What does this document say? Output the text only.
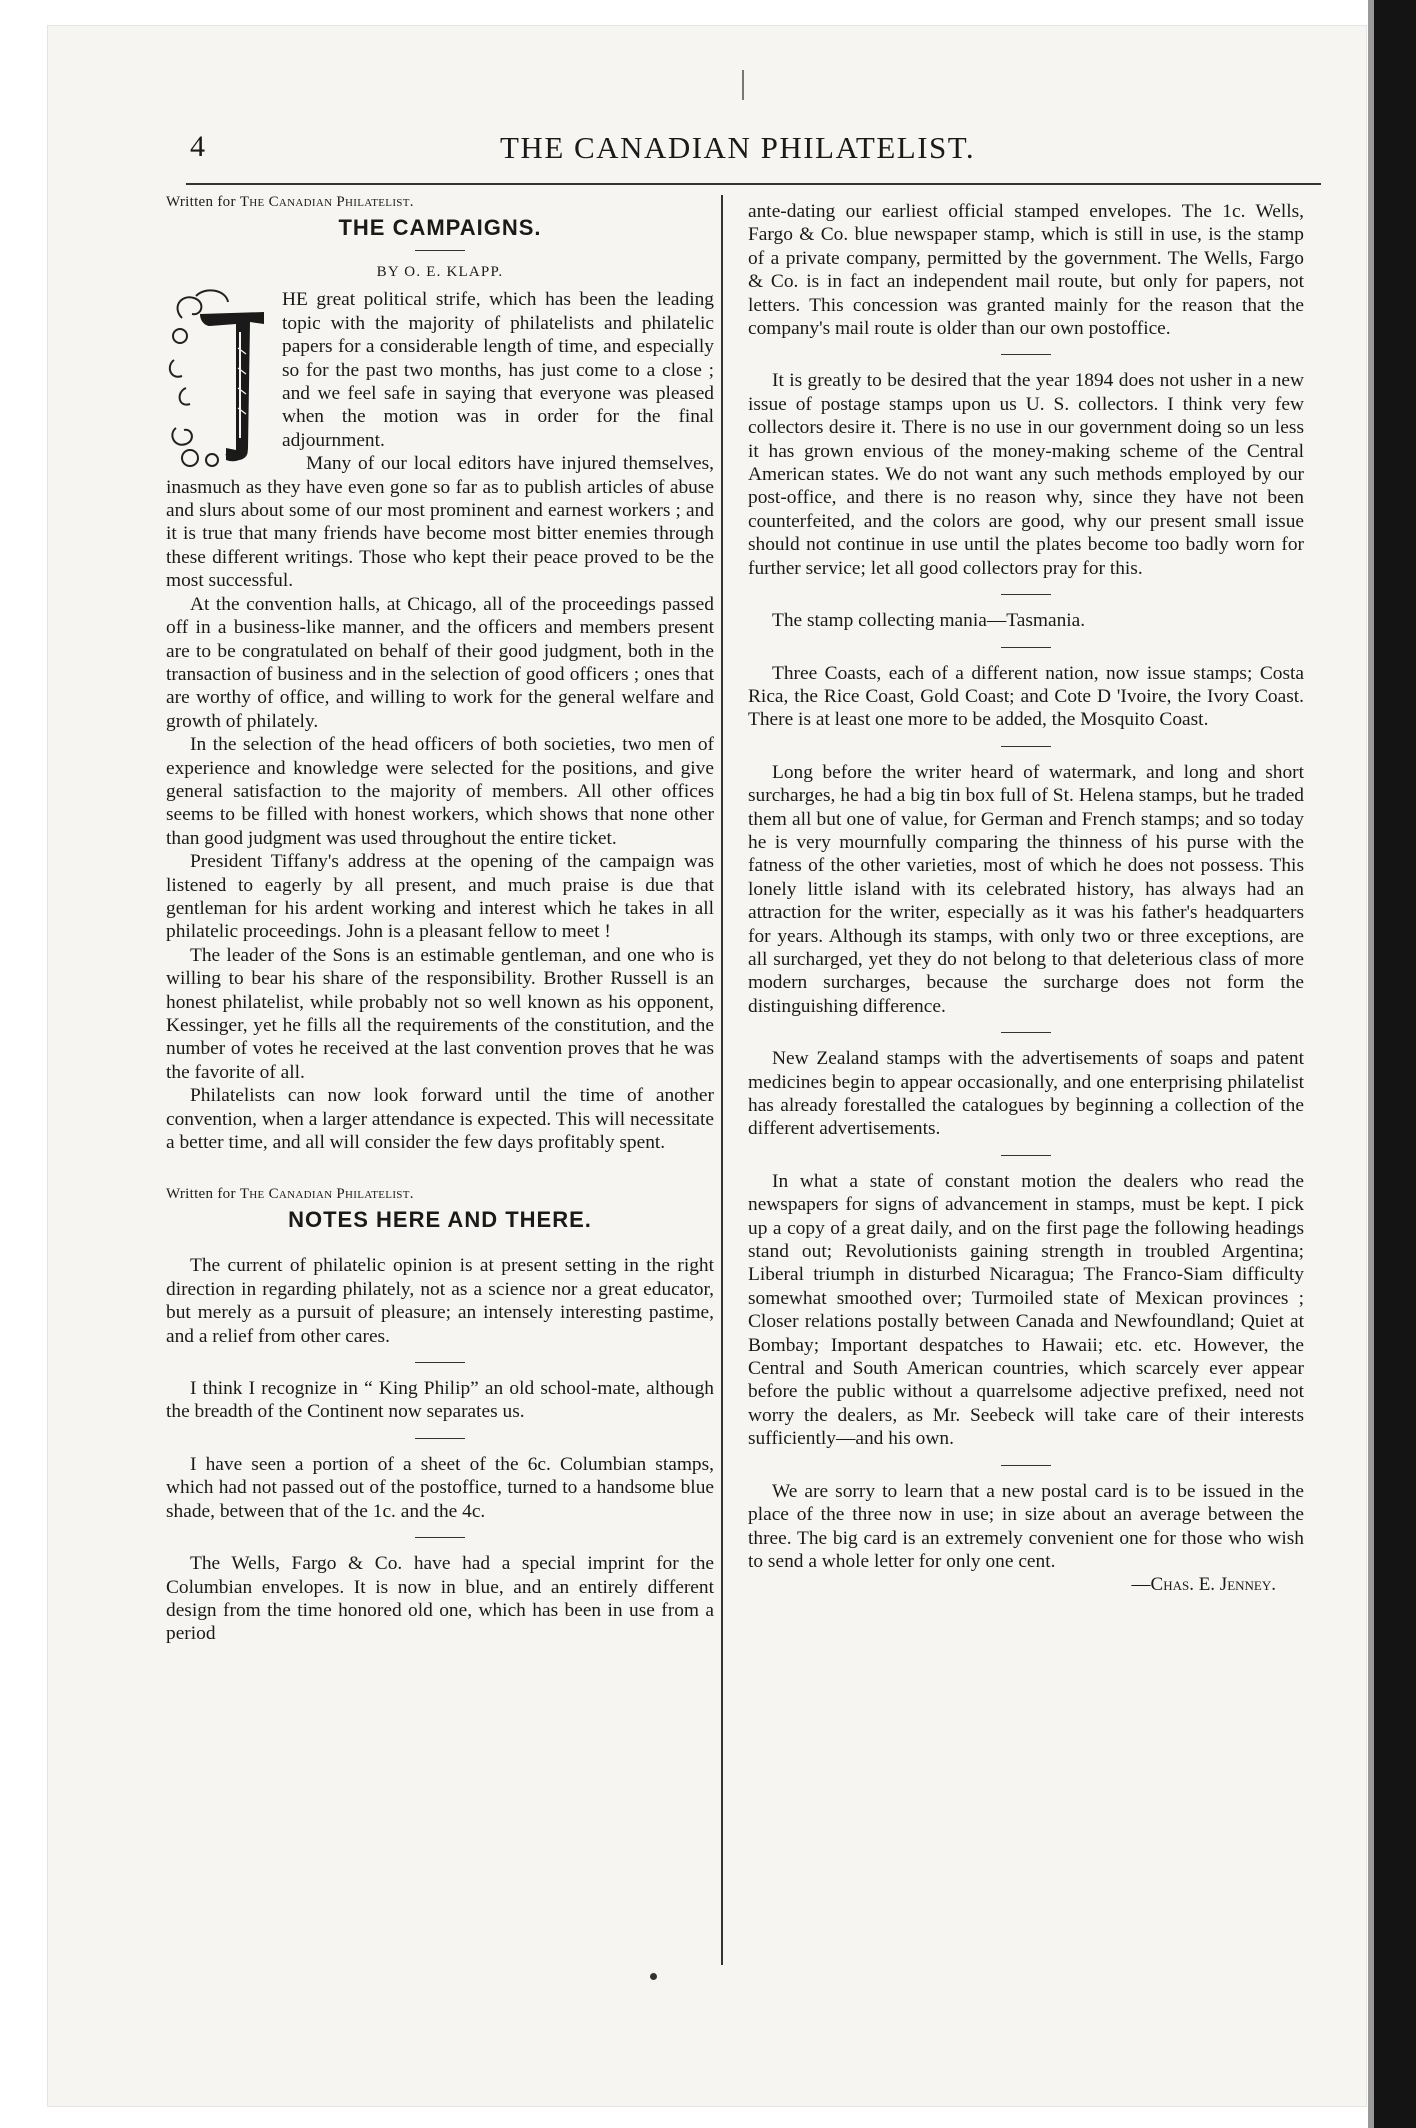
4	THE CANADIAN PHILATELIST.
Written for The Canadian Philatelist.
THE CAMPAIGNS.
BY O. E. KLAPP.
T	HE great political strife, which has been the leading topic with the majority of philatelists and philatelic papers for a considerable length of time, and especially so for the past two months, has just come to a close ; and we feel safe in saying that everyone was pleased when the motion was in order for the final adjournment.

Many of our local editors have injured themselves, inasmuch as they have even gone so far as to publish articles of abuse and slurs about some of our most prominent and earnest workers ; and it is true that many friends have become most bitter enemies through these different writings. Those who kept their peace proved to be the most successful.

At the convention halls, at Chicago, all of the proceedings passed off in a business-like manner, and the officers and members present are to be congratulated on behalf of their good judgment, both in the transaction of business and in the selection of good officers ; ones that are worthy of office, and willing to work for the general welfare and growth of philately.

In the selection of the head officers of both societies, two men of experience and knowledge were selected for the positions, and give general satisfaction to the majority of members. All other offices seems to be filled with honest workers, which shows that none other than good judgment was used throughout the entire ticket.

President Tiffany's address at the opening of the campaign was listened to eagerly by all present, and much praise is due that gentleman for his ardent working and interest which he takes in all philatelic proceedings. John is a pleasant fellow to meet !

The leader of the Sons is an estimable gentleman, and one who is willing to bear his share of the responsibility. Brother Russell is an honest philatelist, while probably not so well known as his opponent, Kessinger, yet he fills all the requirements of the constitution, and the number of votes he received at the last convention proves that he was the favorite of all.

Philatelists can now look forward until the time of another convention, when a larger attendance is expected. This will necessitate a better time, and all will consider the few days profitably spent.

Written for The Canadian Philatelist.
NOTES HERE AND THERE.

The current of philatelic opinion is at present setting in the right direction in regarding philately, not as a science nor a great educator, but merely as a pursuit of pleasure; an intensely interesting pastime, and a relief from other cares.

I think I recognize in “ King Philip” an old school-mate, although the breadth of the Continent now separates us.

I have seen a portion of a sheet of the 6c. Columbian stamps, which had not passed out of the postoffice, turned to a handsome blue shade, between that of the 1c. and the 4c.

The Wells, Fargo & Co. have had a special imprint for the Columbian envelopes. It is now in blue, and an entirely different design from the time honored old one, which has been in use from a period

ante-dating our earliest official stamped envelopes. The 1c. Wells, Fargo & Co. blue newspaper stamp, which is still in use, is the stamp of a private company, permitted by the government. The Wells, Fargo & Co. is in fact an independent mail route, but only for papers, not letters. This concession was granted mainly for the reason that the company's mail route is older than our own postoffice.

It is greatly to be desired that the year 1894 does not usher in a new issue of postage stamps upon us U. S. collectors. I think very few collectors desire it. There is no use in our government doing so un less it has grown envious of the money-making scheme of the Central American states. We do not want any such methods employed by our post-office, and there is no reason why, since they have not been counterfeited, and the colors are good, why our present small issue should not continue in use until the plates become too badly worn for further service; let all good collectors pray for this.

The stamp collecting mania—Tasmania.

Three Coasts, each of a different nation, now issue stamps; Costa Rica, the Rice Coast, Gold Coast; and Cote D 'Ivoire, the Ivory Coast. There is at least one more to be added, the Mosquito Coast.

Long before the writer heard of watermark, and long and short surcharges, he had a big tin box full of St. Helena stamps, but he traded them all but one of value, for German and French stamps; and so today he is very mournfully comparing the thinness of his purse with the fatness of the other varieties, most of which he does not possess. This lonely little island with its celebrated history, has always had an attraction for the writer, especially as it was his father's headquarters for years. Although its stamps, with only two or three exceptions, are all surcharged, yet they do not belong to that deleterious class of more modern surcharges, because the surcharge does not form the distinguishing difference.

New Zealand stamps with the advertisements of soaps and patent medicines begin to appear occasionally, and one enterprising philatelist has already forestalled the catalogues by beginning a collection of the different advertisements.

In what a state of constant motion the dealers who read the newspapers for signs of advancement in stamps, must be kept. I pick up a copy of a great daily, and on the first page the following headings stand out; Revolutionists gaining strength in troubled Argentina; Liberal triumph in disturbed Nicaragua; The Franco-Siam difficulty somewhat smoothed over; Turmoiled state of Mexican provinces ; Closer relations postally between Canada and Newfoundland; Quiet at Bombay; Important despatches to Hawaii; etc. etc. However, the Central and South American countries, which scarcely ever appear before the public without a quarrelsome adjective prefixed, need not worry the dealers, as Mr. Seebeck will take care of their interests sufficiently—and his own.

We are sorry to learn that a new postal card is to be issued in the place of the three now in use; in size about an average between the three. The big card is an extremely convenient one for those who wish to send a whole letter for only one cent.

—Chas. E. Jenney.
